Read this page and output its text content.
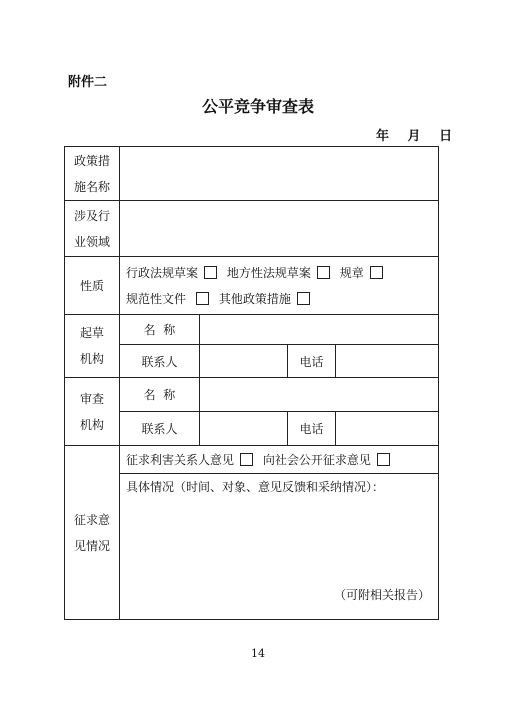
附件二
公平竞争审查表
年 月 日
政策措
施名称				

涉及行
业领域				

性质	行政法规草案 地方性法规草案 规章
规范性文件 其他政策措施			

起草
机构	名  称			
	联系人		电话	

审查
机构	名  称			
	联系人		电话	

征求意
见情况	征求利害关系人意见 向社会公开征求意见			

	具体情况（时间、对象、意见反馈和采纳情况）：
（可附相关报告）			
14
